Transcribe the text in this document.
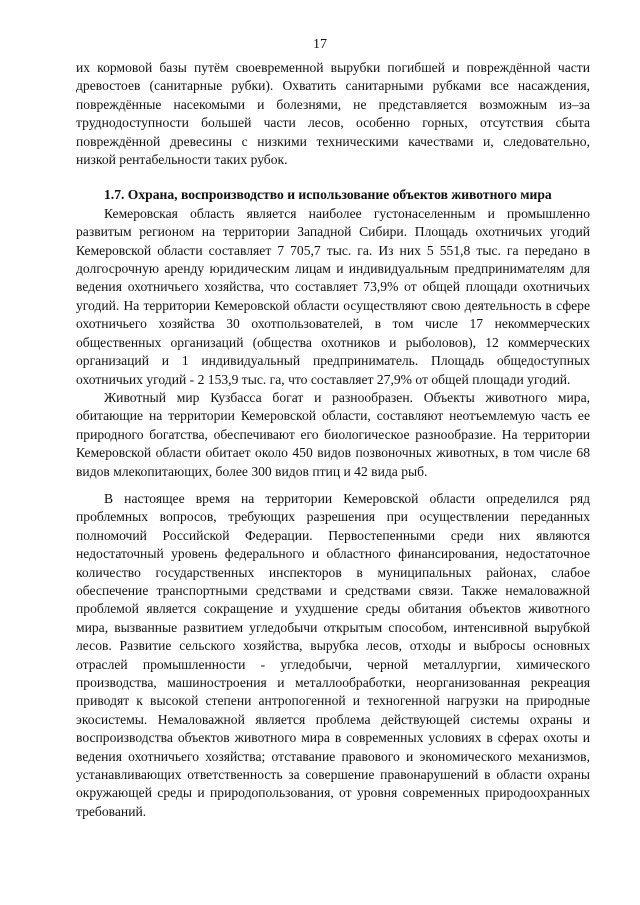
17

их кормовой базы путём своевременной вырубки погибшей и повреждённой части древостоев (санитарные рубки). Охватить санитарными рубками все насаждения, повреждённые насекомыми и болезнями, не представляется возможным из–за труднодоступности большей части лесов, особенно горных, отсутствия сбыта повреждённой древесины с низкими техническими качествами и, следовательно, низкой рентабельности таких рубок.

1.7. Охрана, воспроизводство и использование объектов животного мира

Кемеровская область является наиболее густонаселенным и промышленно развитым регионом на территории Западной Сибири. Площадь охотничьих угодий Кемеровской области составляет 7 705,7 тыс. га. Из них 5 551,8 тыс. га передано в долгосрочную аренду юридическим лицам и индивидуальным предпринимателям для ведения охотничьего хозяйства, что составляет 73,9% от общей площади охотничьих угодий. На территории Кемеровской области осуществляют свою деятельность в сфере охотничьего хозяйства 30 охотпользователей, в том числе 17 некоммерческих общественных организаций (общества охотников и рыболовов), 12 коммерческих организаций и 1 индивидуальный предприниматель. Площадь общедоступных охотничьих угодий - 2 153,9 тыс. га, что составляет 27,9% от общей площади угодий.

Животный мир Кузбасса богат и разнообразен. Объекты животного мира, обитающие на территории Кемеровской области, составляют неотъемлемую часть ее природного богатства, обеспечивают его биологическое разнообразие. На территории Кемеровской области обитает около 450 видов позвоночных животных, в том числе 68 видов млекопитающих, более 300 видов птиц и 42 вида рыб.

В настоящее время на территории Кемеровской области определился ряд проблемных вопросов, требующих разрешения при осуществлении переданных полномочий Российской Федерации. Первостепенными среди них являются недостаточный уровень федерального и областного финансирования, недостаточное количество государственных инспекторов в муниципальных районах, слабое обеспечение транспортными средствами и средствами связи. Также немаловажной проблемой является сокращение и ухудшение среды обитания объектов животного мира, вызванные развитием угледобычи открытым способом, интенсивной вырубкой лесов. Развитие сельского хозяйства, вырубка лесов, отходы и выбросы основных отраслей промышленности - угледобычи, черной металлургии, химического производства, машиностроения и металлообработки, неорганизованная рекреация приводят к высокой степени антропогенной и техногенной нагрузки на природные экосистемы. Немаловажной является проблема действующей системы охраны и воспроизводства объектов животного мира в современных условиях в сферах охоты и ведения охотничьего хозяйства; отставание правового и экономического механизмов, устанавливающих ответственность за совершение правонарушений в области охраны окружающей среды и природопользования, от уровня современных природоохранных требований.
